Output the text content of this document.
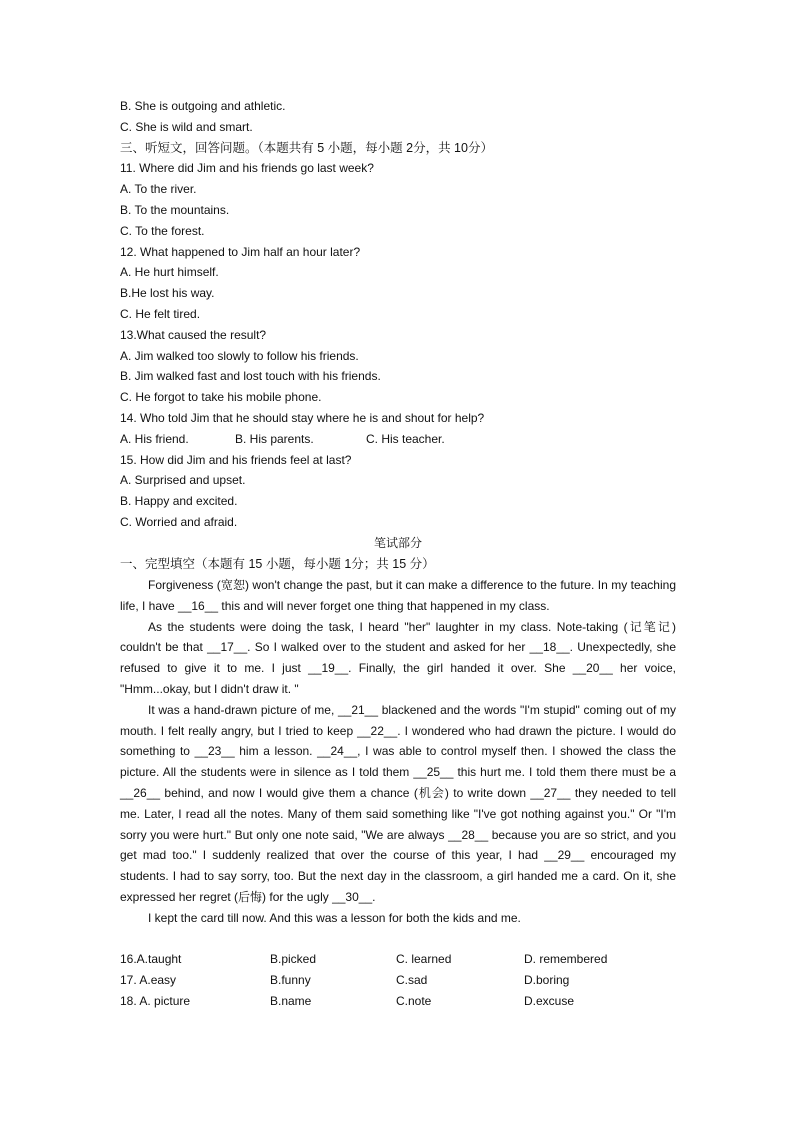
B. She is outgoing and athletic.
C. She is wild and smart.
三、听短文，回答问题。（本题共有 5 小题，每小题 2分，共 10分）
11. Where did Jim and his friends go last week?
A. To the river.
B. To the mountains.
C. To the forest.
12. What happened to Jim half an hour later?
A. He hurt himself.
B.He lost his way.
C. He felt tired.
13.What caused the result?
A. Jim walked too slowly to follow his friends.
B. Jim walked fast and lost touch with his friends.
C. He forgot to take his mobile phone.
14. Who told Jim that he should stay where he is and shout for help?
A. His friend.	B. His parents.	C. His teacher.
15. How did Jim and his friends feel at last?
A. Surprised and upset.
B. Happy and excited.
C. Worried and afraid.
笔试部分
一、完型填空（本题有 15 小题，每小题 1分；共 15 分）

Forgiveness (宽恕) won't change the past, but it can make a difference to the future. In my teaching life, I have __16__ this and will never forget one thing that happened in my class.

As the students were doing the task, I heard "her" laughter in my class. Note-taking (记笔记) couldn't be that __17__. So I walked over to the student and asked for her __18__. Unexpectedly, she refused to give it to me. I just __19__. Finally, the girl handed it over. She __20__ her voice, "Hmm...okay, but I didn't draw it. "

It was a hand-drawn picture of me, __21__ blackened and the words "I'm stupid" coming out of my mouth. I felt really angry, but I tried to keep __22__. I wondered who had drawn the picture. I would do something to __23__ him a lesson. __24__, I was able to control myself then. I showed the class the picture. All the students were in silence as I told them __25__ this hurt me. I told them there must be a __26__ behind, and now I would give them a chance (机会) to write down __27__ they needed to tell me. Later, I read all the notes. Many of them said something like "I've got nothing against you." Or "I'm sorry you were hurt." But only one note said, "We are always __28__ because you are so strict, and you get mad too." I suddenly realized that over the course of this year, I had __29__ encouraged my students. I had to say sorry, too. But the next day in the classroom, a girl handed me a card. On it, she expressed her regret (后悔) for the ugly __30__.

I kept the card till now. And this was a lesson for both the kids and me.

16.A.taught	B.picked	C. learned	D. remembered
17. A.easy	B.funny	C.sad	D.boring
18. A. picture	B.name	C.note	D.excuse
